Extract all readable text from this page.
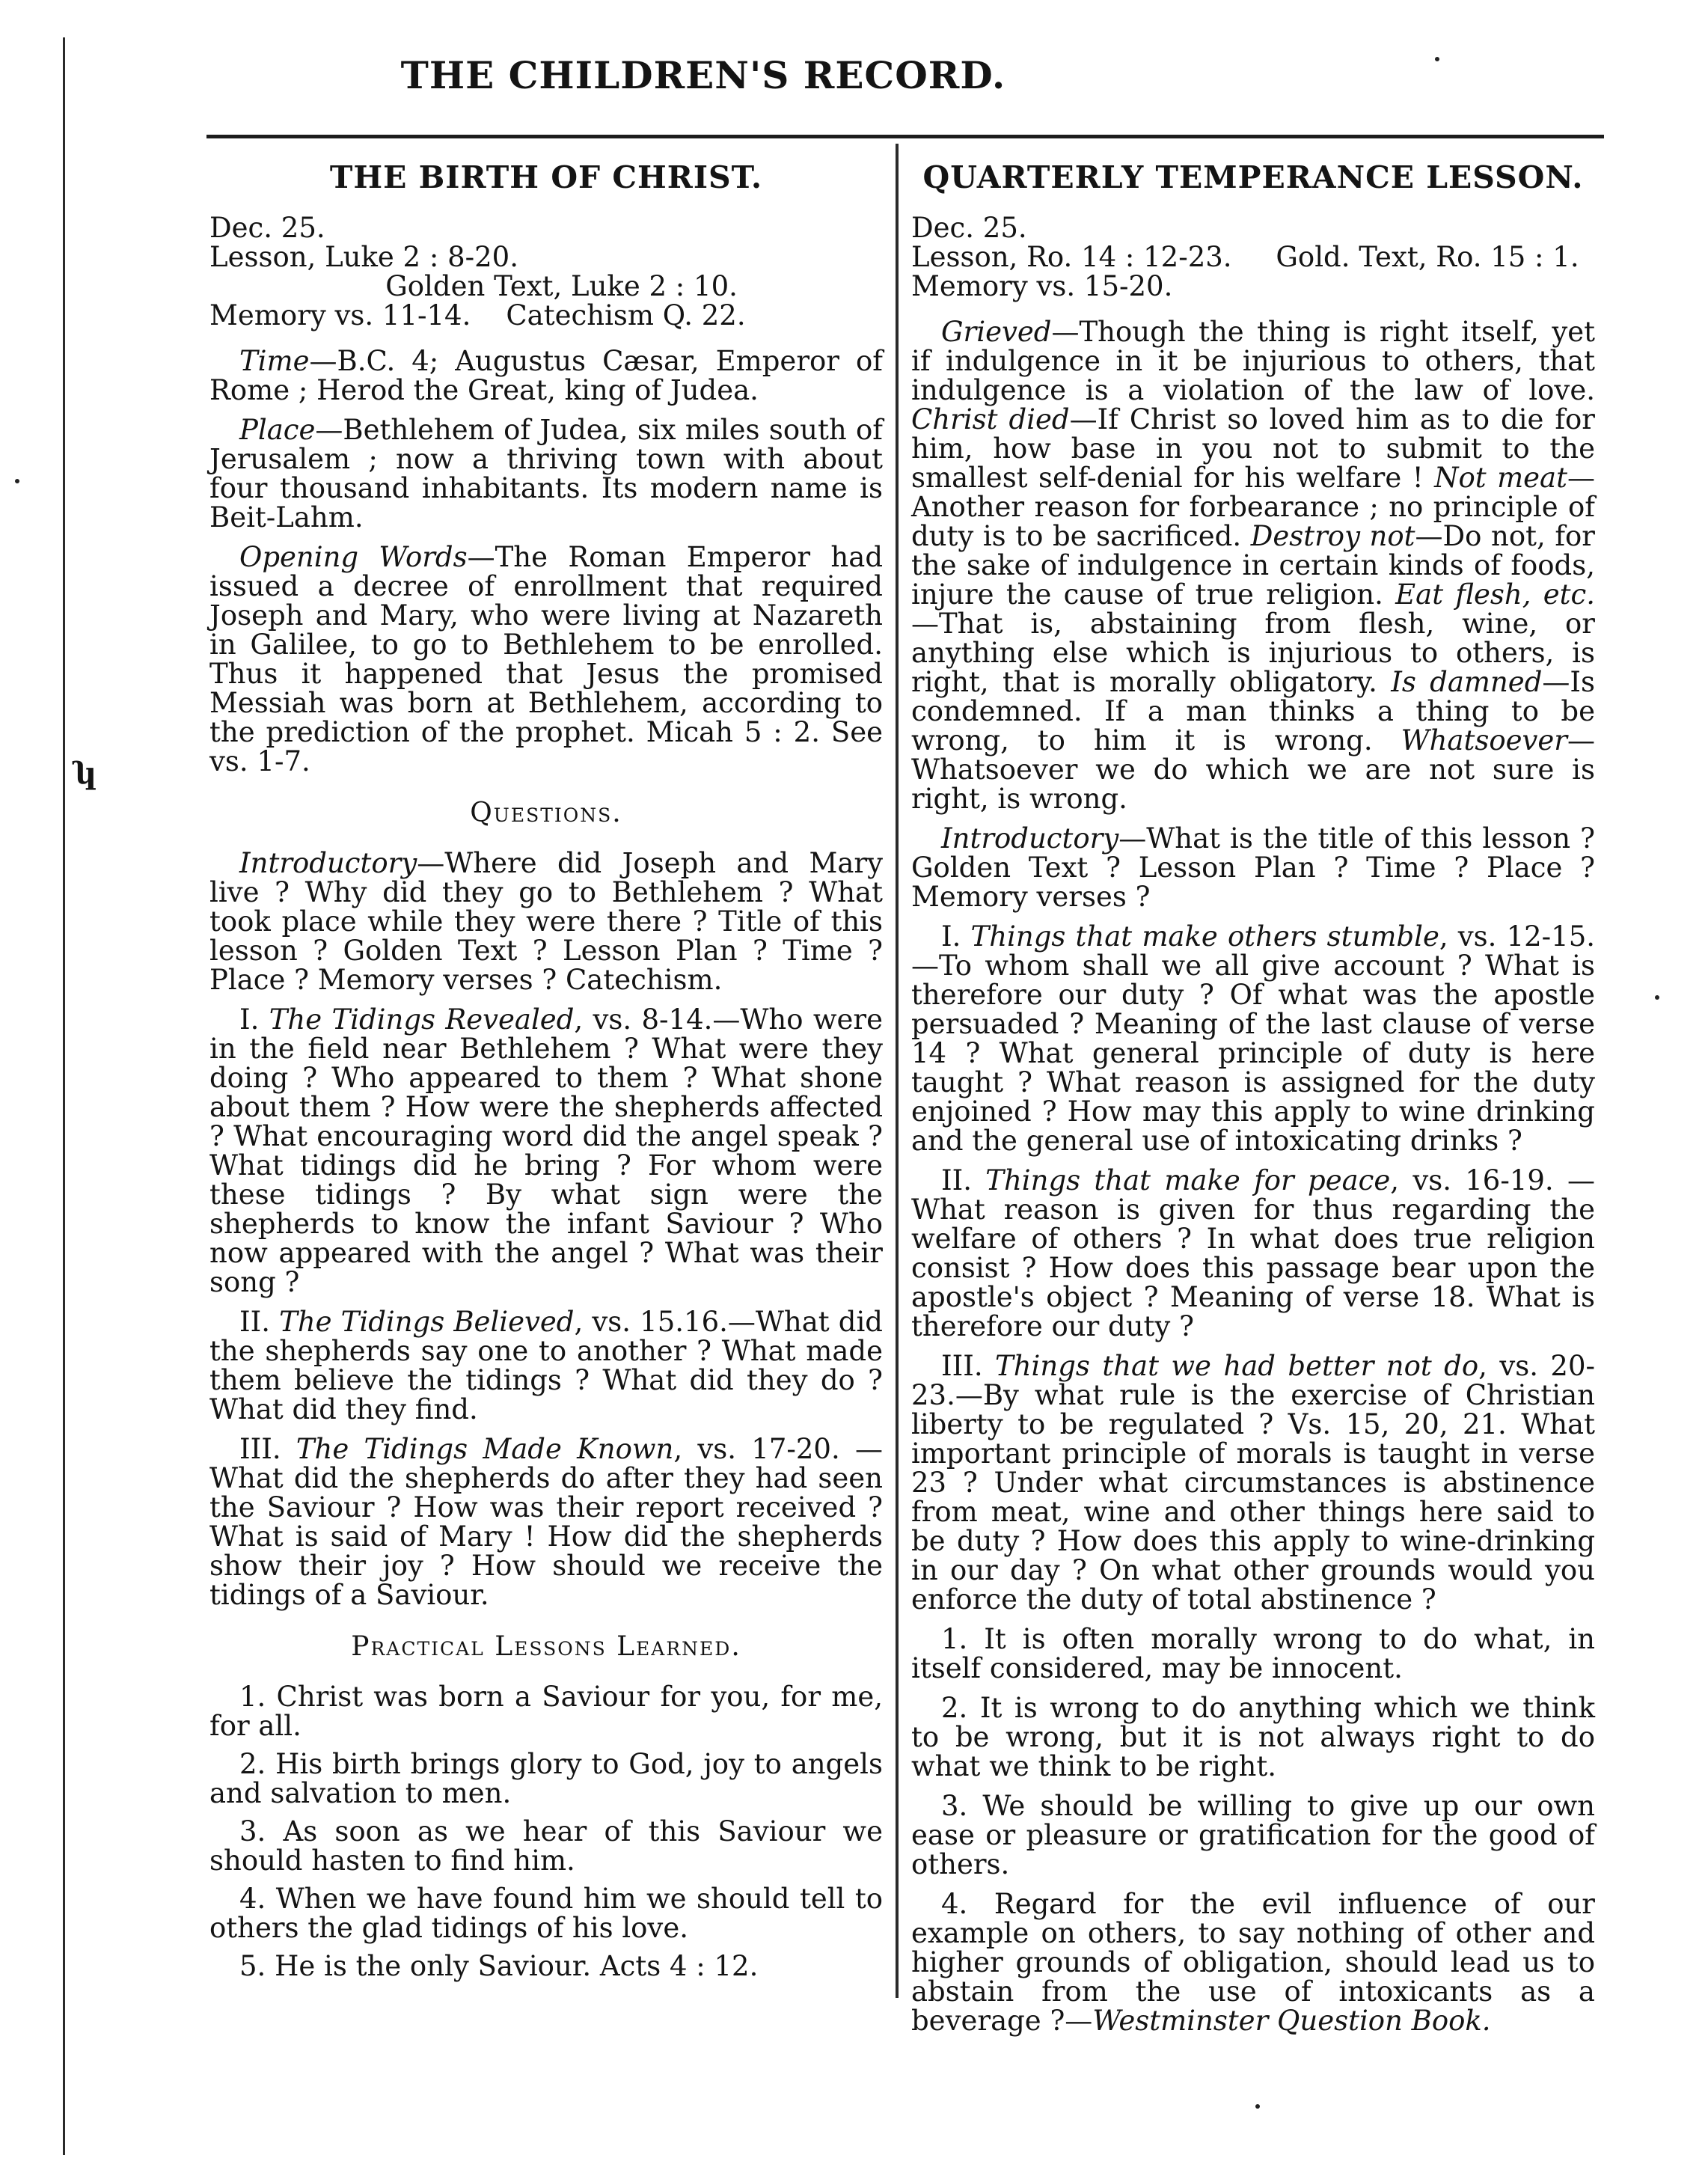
ʮ
THE CHILDREN'S RECORD.
THE BIRTH OF CHRIST.
Dec. 25.
Lesson, Luke 2 : 8-20.
Golden Text, Luke 2 : 10.
Memory vs. 11-14.    Catechism Q. 22.

Time—B.C. 4; Augustus Cæsar, Emperor of Rome ; Herod the Great, king of Judea.

Place—Bethlehem of Judea, six miles south of Jerusalem ; now a thriving town with about four thousand inhabitants. Its modern name is Beit-Lahm.

Opening Words—The Roman Emperor had issued a decree of enrollment that required Joseph and Mary, who were living at Nazareth in Galilee, to go to Bethlehem to be enrolled. Thus it happened that Jesus the promised Messiah was born at Bethlehem, according to the prediction of the prophet. Micah 5 : 2. See vs. 1-7.

Questions.

Introductory—Where did Joseph and Mary live ? Why did they go to Bethlehem ? What took place while they were there ? Title of this lesson ? Golden Text ? Lesson Plan ? Time ? Place ? Memory verses ? Catechism.

I. The Tidings Revealed, vs. 8-14.—Who were in the field near Bethlehem ? What were they doing ? Who appeared to them ? What shone about them ? How were the shepherds affected ? What encouraging word did the angel speak ? What tidings did he bring ? For whom were these tidings ? By what sign were the shepherds to know the infant Saviour ? Who now appeared with the angel ? What was their song ?

II. The Tidings Believed, vs. 15.16.—What did the shepherds say one to another ? What made them believe the tidings ? What did they do ? What did they find.

III. The Tidings Made Known, vs. 17-20. —What did the shepherds do after they had seen the Saviour ? How was their report received ? What is said of Mary ! How did the shepherds show their joy ? How should we receive the tidings of a Saviour.

Practical Lessons Learned.

1. Christ was born a Saviour for you, for me, for all.

2. His birth brings glory to God, joy to angels and salvation to men.

3. As soon as we hear of this Saviour we should hasten to find him.

4. When we have found him we should tell to others the glad tidings of his love.

5. He is the only Saviour. Acts 4 : 12.

QUARTERLY TEMPERANCE LESSON.
Dec. 25.
Lesson, Ro. 14 : 12-23.     Gold. Text, Ro. 15 : 1.
Memory vs. 15-20.

Grieved—Though the thing is right itself, yet if indulgence in it be injurious to others, that indulgence is a violation of the law of love. Christ died—If Christ so loved him as to die for him, how base in you not to submit to the smallest self-denial for his welfare ! Not meat—Another reason for forbearance ; no principle of duty is to be sacrificed. Destroy not—Do not, for the sake of indulgence in certain kinds of foods, injure the cause of true religion. Eat flesh, etc.—That is, abstaining from flesh, wine, or anything else which is injurious to others, is right, that is morally obligatory. Is damned—Is condemned. If a man thinks a thing to be wrong, to him it is wrong. Whatsoever—Whatsoever we do which we are not sure is right, is wrong.

Introductory—What is the title of this lesson ? Golden Text ? Lesson Plan ? Time ? Place ? Memory verses ?

I. Things that make others stumble, vs. 12-15.—To whom shall we all give account ? What is therefore our duty ? Of what was the apostle persuaded ? Meaning of the last clause of verse 14 ? What general principle of duty is here taught ? What reason is assigned for the duty enjoined ? How may this apply to wine drinking and the general use of intoxicating drinks ?

II. Things that make for peace, vs. 16-19. —What reason is given for thus regarding the welfare of others ? In what does true religion consist ? How does this passage bear upon the apostle's object ? Meaning of verse 18. What is therefore our duty ?

III. Things that we had better not do, vs. 20-23.—By what rule is the exercise of Christian liberty to be regulated ? Vs. 15, 20, 21. What important principle of morals is taught in verse 23 ? Under what circumstances is abstinence from meat, wine and other things here said to be duty ? How does this apply to wine-drinking in our day ? On what other grounds would you enforce the duty of total abstinence ?

1. It is often morally wrong to do what, in itself considered, may be innocent.

2. It is wrong to do anything which we think to be wrong, but it is not always right to do what we think to be right.

3. We should be willing to give up our own ease or pleasure or gratification for the good of others.

4. Regard for the evil influence of our example on others, to say nothing of other and higher grounds of obligation, should lead us to abstain from the use of intoxicants as a beverage ?—Westminster Question Book.
